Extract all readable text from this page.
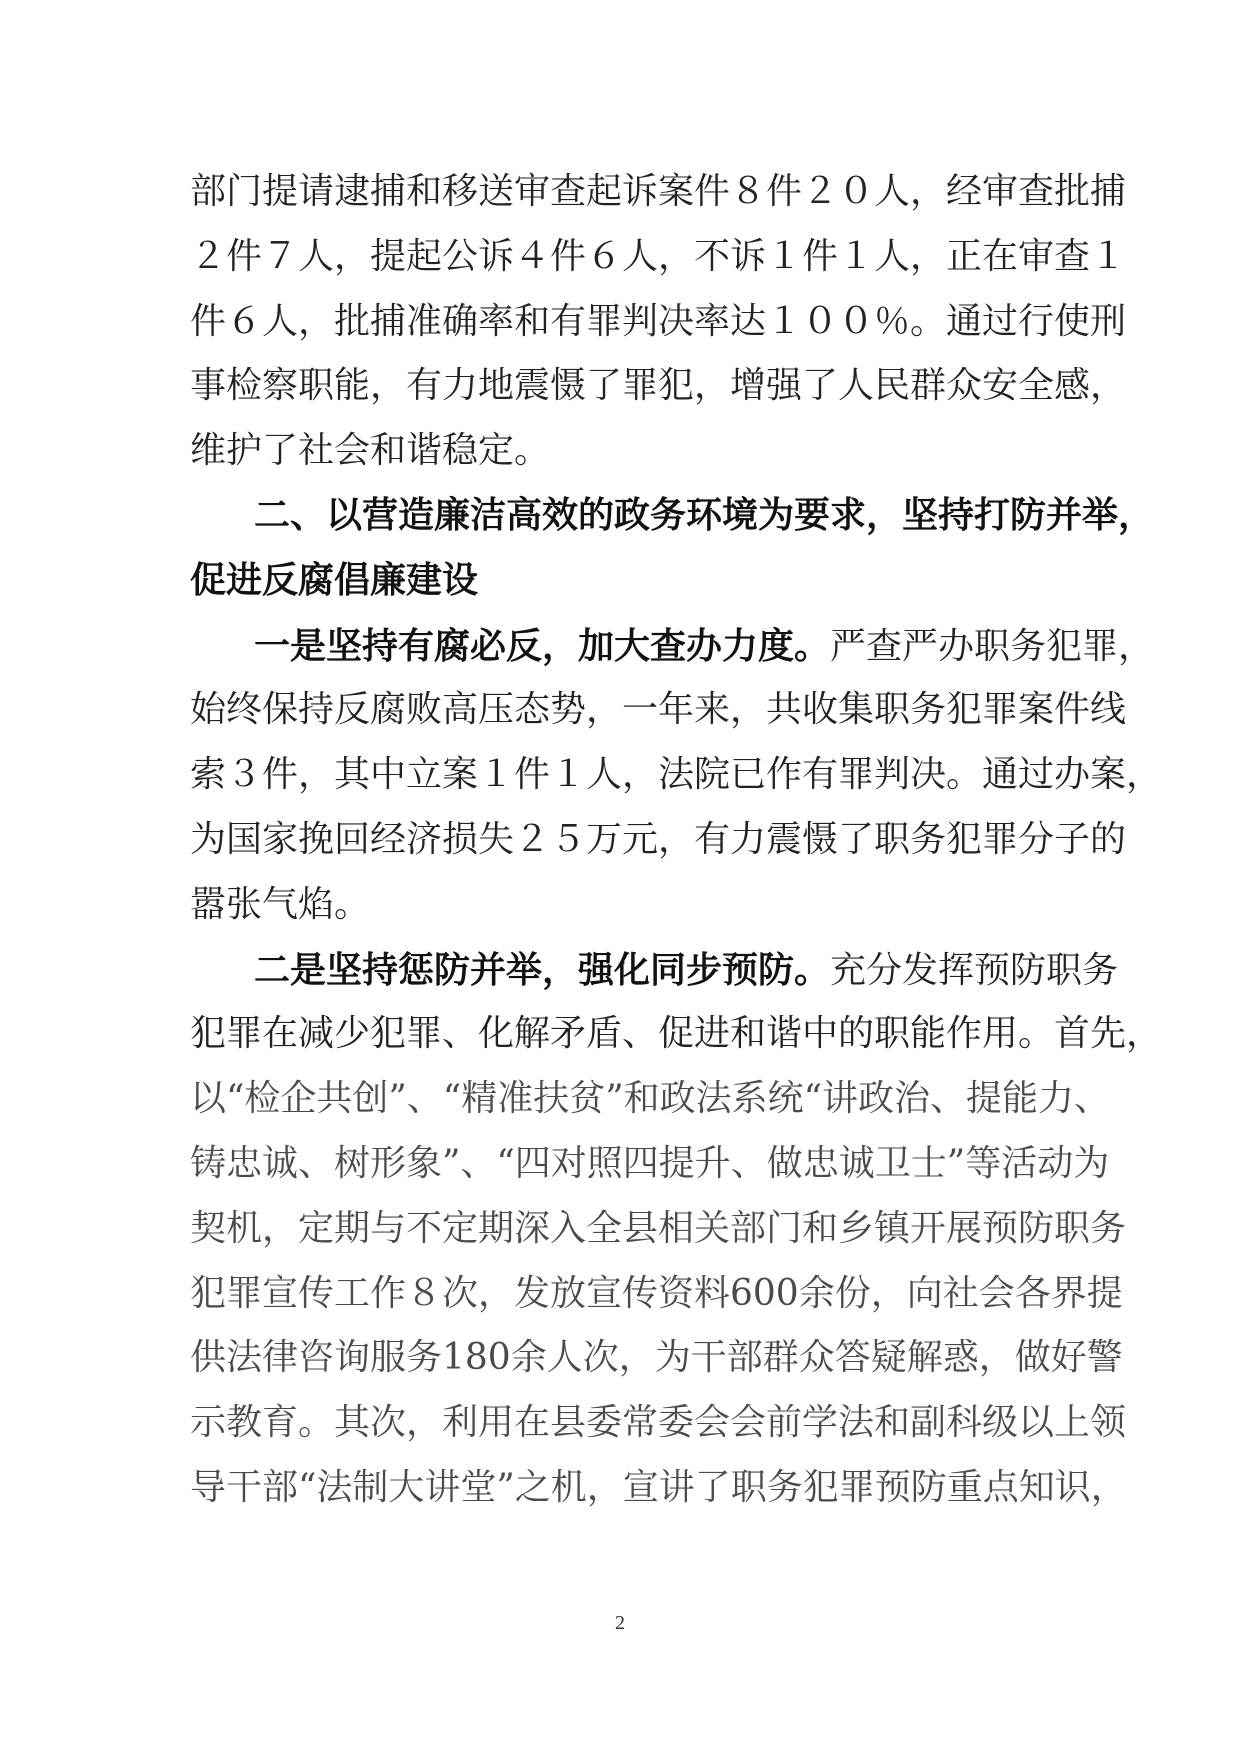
部门提请逮捕和移送审查起诉案件８件２０人，经审查批捕
２件７人，提起公诉４件６人，不诉１件１人，正在审查１
件６人，批捕准确率和有罪判决率达１００％。通过行使刑
事检察职能，有力地震慑了罪犯，增强了人民群众安全感，
维护了社会和谐稳定。
二、以营造廉洁高效的政务环境为要求，坚持打防并举，
促进反腐倡廉建设
一是坚持有腐必反，加大查办力度。严查严办职务犯罪，
始终保持反腐败高压态势，一年来，共收集职务犯罪案件线
索３件，其中立案１件１人，法院已作有罪判决。通过办案，
为国家挽回经济损失２５万元，有力震慑了职务犯罪分子的
嚣张气焰。
二是坚持惩防并举，强化同步预防。充分发挥预防职务
犯罪在减少犯罪、化解矛盾、促进和谐中的职能作用。首先，
以“检企共创”、“精准扶贫”和政法系统“讲政治、提能力、
铸忠诚、树形象”、“四对照四提升、做忠诚卫士”等活动为
契机，定期与不定期深入全县相关部门和乡镇开展预防职务
犯罪宣传工作８次，发放宣传资料600余份，向社会各界提
供法律咨询服务180余人次，为干部群众答疑解惑，做好警
示教育。其次，利用在县委常委会会前学法和副科级以上领
导干部“法制大讲堂”之机，宣讲了职务犯罪预防重点知识，
2
